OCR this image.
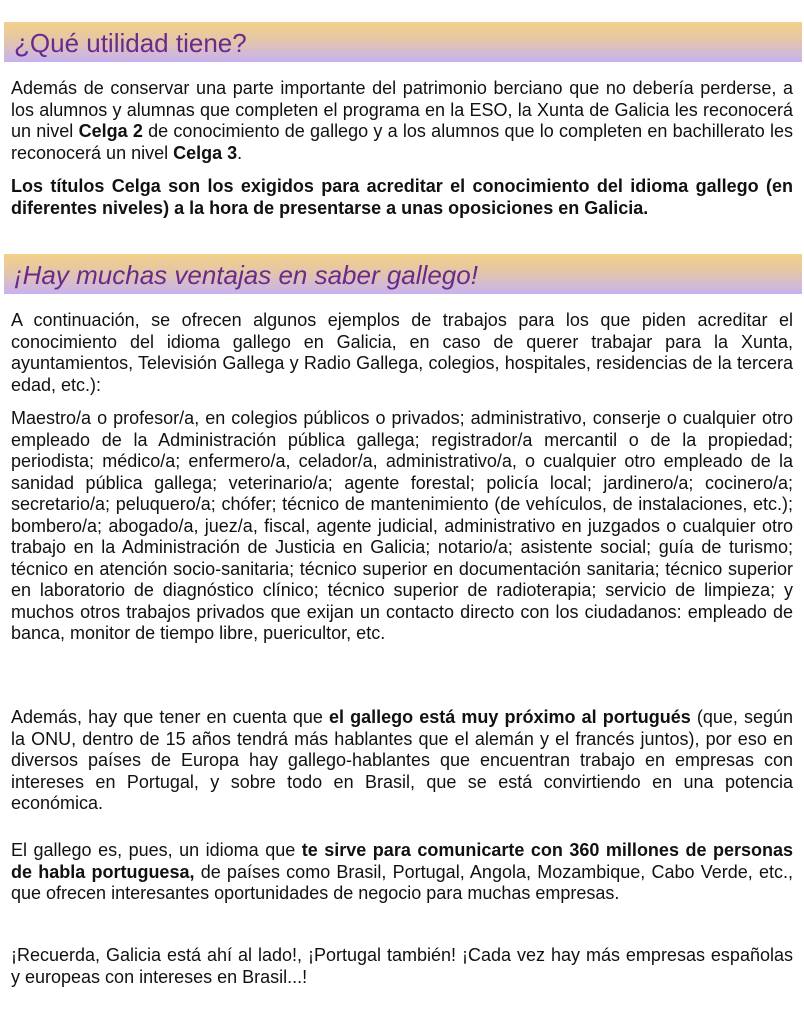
¿Qué utilidad tiene?

Además de conservar una parte importante del patrimonio berciano que no debería perderse, a los alumnos y alumnas que completen el programa en la ESO, la Xunta de Galicia les reconocerá un nivel Celga 2 de conocimiento de gallego y a los alumnos que lo completen en bachillerato les reconocerá un nivel Celga 3.

Los títulos Celga son los exigidos para acreditar el conocimiento del idioma gallego (en diferentes niveles) a la hora de presentarse a unas oposiciones en Galicia.

¡Hay muchas ventajas en saber gallego!

A continuación, se ofrecen algunos ejemplos de trabajos para los que piden acreditar el conocimiento del idioma gallego en Galicia, en caso de querer trabajar para la Xunta, ayuntamientos, Televisión Gallega y Radio Gallega, colegios, hospitales, residencias de la tercera edad, etc.):

Maestro/a o profesor/a, en colegios públicos o privados; administrativo, conserje o cualquier otro empleado de la Administración pública gallega; registrador/a mercantil o de la propiedad; periodista; médico/a; enfermero/a, celador/a, administrativo/a, o cualquier otro empleado de la sanidad pública gallega; veterinario/a; agente forestal; policía local; jardinero/a; cocinero/a; secretario/a; peluquero/a; chófer; técnico de mantenimiento (de vehículos, de instalaciones, etc.); bombero/a; abogado/a, juez/a, fiscal, agente judicial, administrativo en juzgados o cualquier otro trabajo en la Administración de Justicia en Galicia; notario/a; asistente social; guía de turismo; técnico en atención socio-sanitaria; técnico superior en documentación sanitaria; técnico superior en laboratorio de diagnóstico clínico; técnico superior de radioterapia; servicio de limpieza; y muchos otros trabajos privados que exijan un contacto directo con los ciudadanos: empleado de banca, monitor de tiempo libre, puericultor, etc.

Además, hay que tener en cuenta que el gallego está muy próximo al portugués (que, según la ONU, dentro de 15 años tendrá más hablantes que el alemán y el francés juntos), por eso en diversos países de Europa hay gallego-hablantes que encuentran trabajo en empresas con intereses en Portugal, y sobre todo en Brasil, que se está convirtiendo en una potencia económica.

El gallego es, pues, un idioma que te sirve para comunicarte con 360 millones de personas de habla portuguesa, de países como Brasil, Portugal, Angola, Mozambique, Cabo Verde, etc., que ofrecen interesantes oportunidades de negocio para muchas empresas.

¡Recuerda, Galicia está ahí al lado!, ¡Portugal también! ¡Cada vez hay más empresas españolas y europeas con intereses en Brasil...!
